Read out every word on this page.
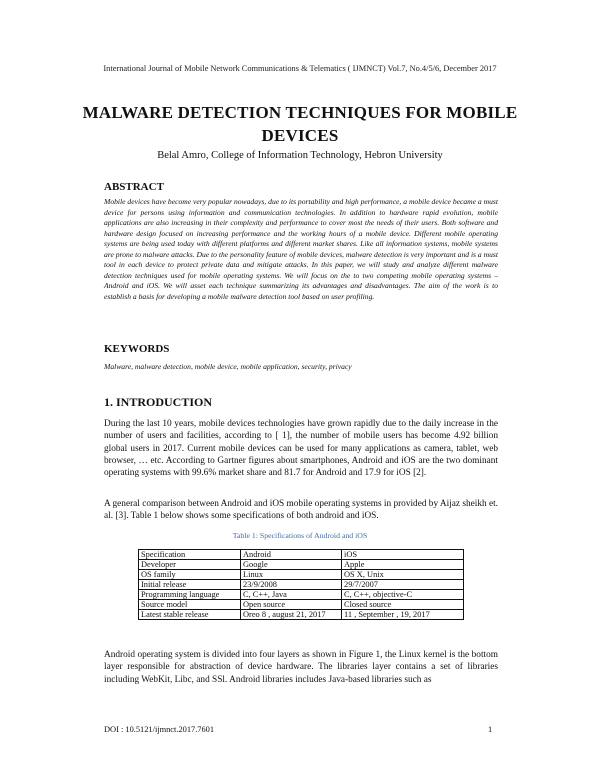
International Journal of Mobile Network Communications & Telematics ( IJMNCT) Vol.7, No.4/5/6, December 2017
MALWARE DETECTION TECHNIQUES FOR MOBILE DEVICES
Belal Amro, College of Information Technology, Hebron University
ABSTRACT
Mobile devices have become very popular nowadays, due to its portability and high performance, a mobile device became a must device for persons using information and communication technologies. In addition to hardware rapid evolution, mobile applications are also increasing in their complexity and performance to cover most the needs of their users. Both software and hardware design focused on increasing performance and the working hours of a mobile device. Different mobile operating systems are being used today with different platforms and different market shares. Like all information systems, mobile systems are prone to malware attacks. Due to the personality feature of mobile devices, malware detection is very important and is a must tool in each device to protect private data and mitigate attacks. In this paper, we will study and analyze different malware detection techniques used for mobile operating systems. We will focus on the to two competing mobile operating systems – Android and iOS. We will asset each technique summarizing its advantages and disadvantages. The aim of the work is to establish a basis for developing a mobile malware detection tool based on user profiling.
KEYWORDS
Malware, malware detection, mobile device, mobile application, security, privacy
1. INTRODUCTION
During the last 10 years, mobile devices technologies have grown rapidly due to the daily increase in the number of users and facilities, according to [ 1], the number of mobile users has become 4.92 billion global users in 2017. Current mobile devices can be used for many applications as camera, tablet, web browser, … etc. According to Gartner figures about smartphones, Android and iOS are the two dominant operating systems with 99.6% market share and 81.7 for Android and 17.9 for iOS [2].
A general comparison between Android and iOS mobile operating systems in provided by Aijaz sheikh et. al. [3]. Table 1 below shows some specifications of both android and iOS.
Table 1: Specifications of Android and iOS
Specification	Android	iOS
Developer	Google	Apple
OS family	Linux	OS X, Unix
Initial release	23/9/2008	29/7/2007
Programming language	C, C++, Java	C, C++, objective-C
Source model	Open source	Closed source
Latest stable release	Oreo 8 , august 21, 2017	11 , September , 19, 2017
Android operating system is divided into four layers as shown in Figure 1, the Linux kernel is the bottom layer responsible for abstraction of device hardware. The libraries layer contains a set of libraries including WebKit, Libc, and SSl. Android libraries includes Java-based libraries such as
DOI : 10.5121/ijmnct.2017.7601	1
